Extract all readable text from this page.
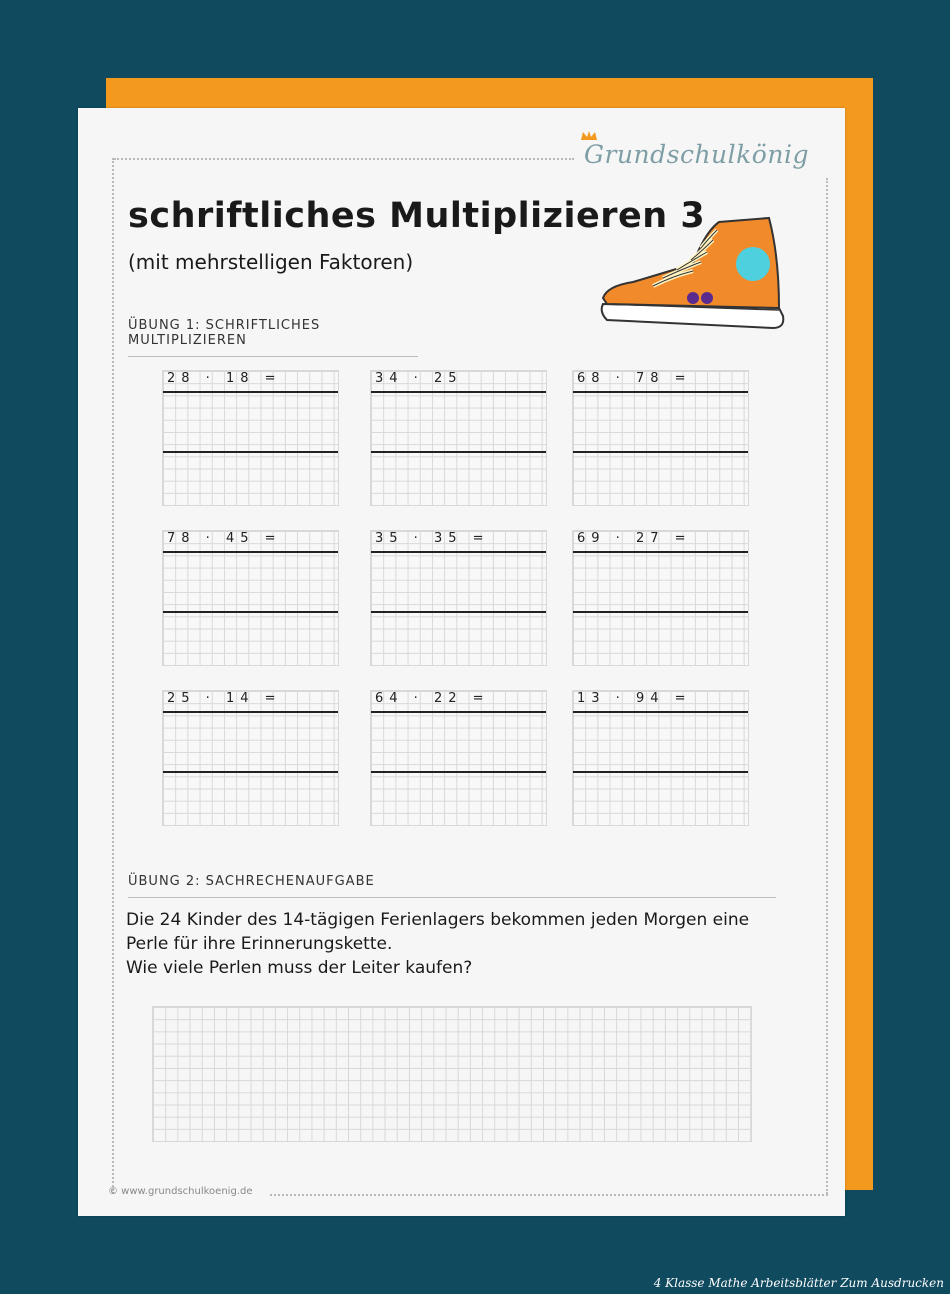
Grundschulkönig
schriftliches Multiplizieren 3
(mit mehrstelligen Faktoren)
ÜBUNG 1: SCHRIFTLICHES MULTIPLIZIEREN
28 · 18 =	34 · 25	68 · 78 =
78 · 45 =	35 · 35 =	69 · 27 =
25 · 14 =	64 · 22 =	13 · 94 =
ÜBUNG 2: SACHRECHENAUFGABE
Die 24 Kinder des 14-tägigen Ferienlagers bekommen jeden Morgen eine
Perle für ihre Erinnerungskette.
Wie viele Perlen muss der Leiter kaufen?
© www.grundschulkoenig.de
4 Klasse Mathe Arbeitsblätter Zum Ausdrucken
